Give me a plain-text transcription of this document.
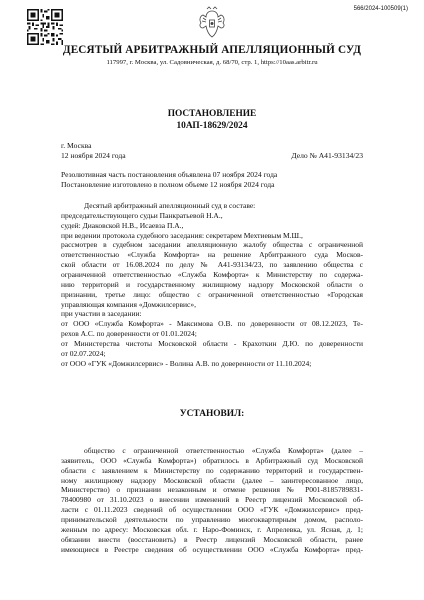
566/2024-100509(1)
ДЕСЯТЫЙ АРБИТРАЖНЫЙ АПЕЛЛЯЦИОННЫЙ СУД
117997, г. Москва, ул. Садовническая, д. 68/70, стр. 1, https://10aas.arbitr.ru
ПОСТАНОВЛЕНИЕ
10АП-18629/2024
г. Москва
12 ноября 2024 года	Дело № А41-93134/23
Резолютивная часть постановления объявлена 07 ноября 2024 года
Постановление изготовлено в полном объеме 12 ноября 2024 года
Десятый арбитражный апелляционный суд в составе:
председательствующего судьи Панкратьевой Н.А.,
судей: Диаковской Н.В., Исаевза П.А.,
при ведении протокола судебного заседания: секретарем Мехтиевым М.Ш.,
рассмотрев в судебном заседании апелляционную жалобу общества с ограниченной
ответственностью «Служба Комфорта» на решение Арбитражного суда Москов-
ской области от 16.08.2024 по делу № А41-93134/23, по заявлению общества с
ограниченной ответственностью «Служба Комфорта» к Министерству по содержа-
нию территорий и государственному жилищному надзору Московской области о
признании, третье лицо: общество с ограниченной ответственностью «Городская
управляющая компания «Домжилсервис»,
при участии в заседании:
от ООО «Служба Комфорта» - Максимова О.В. по доверенности от 08.12.2023, Те-
рехов А.С. по доверенности от 01.01.2024;
от Министерства чистоты Московской области - Крахоткин Д.Ю. по доверенности
от 02.07.2024;
от ООО «ГУК «Домжилсервис» - Волина А.В. по доверенности от 11.10.2024;
УСТАНОВИЛ:
общество с ограниченной ответственностью «Служба Комфорта» (далее –
заявитель, ООО «Служба Комфорта») обратилось в Арбитражный суд Московской
области с заявлением к Министерству по содержанию территорий и государствен-
ному жилищному надзору Московской области (далее – заинтересованное лицо,
Министерство) о признании незаконным и отмене решения № Р001-8185789831-
78400980 от 31.10.2023 о внесении изменений в Реестр лицензий Московской об-
ласти с 01.11.2023 сведений об осуществлении ООО «ГУК «Домжилсервис» пред-
принимательской деятельности по управлению многоквартирным домом, располо-
женным по адресу: Московская обл. г. Наро-Фоминск, г. Апрелевка, ул. Ясная, д. 1;
обязании внести (восстановить) в Реестр лицензий Московской области, ранее
имеющиеся в Реестре сведения об осуществлении ООО «Служба Комфорта» пред-
